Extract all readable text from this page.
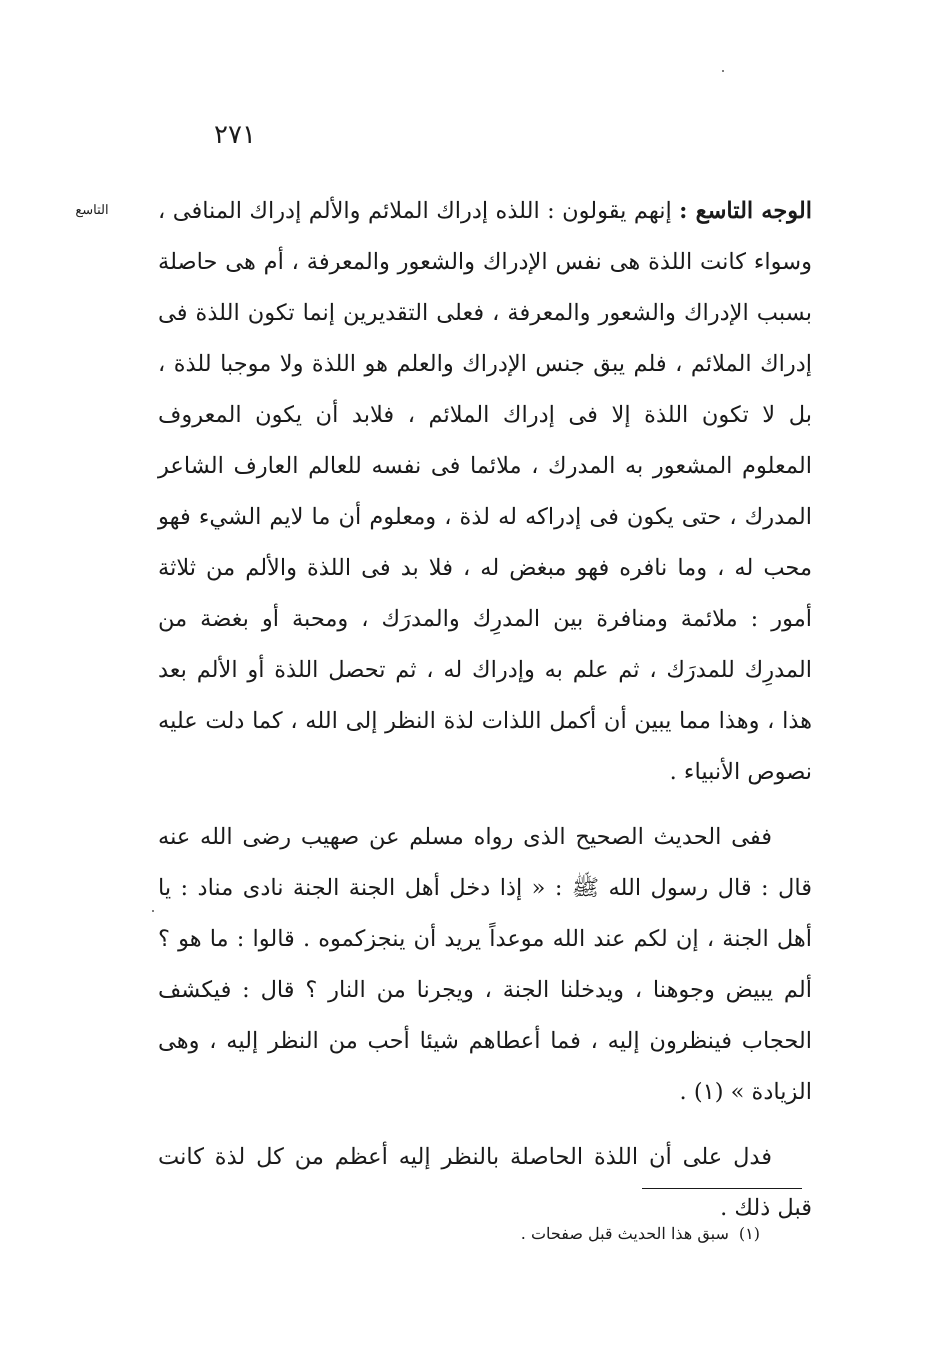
٢٧١
التاسع	الوجه التاسع : إنهم يقولون : اللذه إدراك الملائم والألم إدراك المنافى ، وسواء كانت اللذة هى نفس الإدراك والشعور والمعرفة ، أم هى حاصلة بسبب الإدراك والشعور والمعرفة ، فعلى التقديرين إنما تكون اللذة فى إدراك الملائم ، فلم يبق جنس الإدراك والعلم هو اللذة ولا موجبا للذة ، بل لا تكون اللذة إلا فى إدراك الملائم ، فلابد أن يكون المعروف المعلوم المشعور به المدرك ، ملائما فى نفسه للعالم العارف الشاعر المدرك ، حتى يكون فى إدراكه له لذة ، ومعلوم أن ما لايم الشيء فهو محب له ، وما نافره فهو مبغض له ، فلا بد فى اللذة والألم من ثلاثة أمور : ملائمة ومنافرة بين المدرِك والمدرَك ، ومحبة أو بغضة من المدرِك للمدرَك ، ثم علم به وإدراك له ، ثم تحصل اللذة أو الألم بعد هذا ، وهذا مما يبين أن أكمل اللذات لذة النظر إلى الله ، كما دلت عليه نصوص الأنبياء .

ففى الحديث الصحيح الذى رواه مسلم عن صهيب رضى الله عنه قال : قال رسول الله ﷺ : « إذا دخل أهل الجنة الجنة نادى مناد : يا أهل الجنة ، إن لكم عند الله موعداً يريد أن ينجزكموه . قالوا : ما هو ؟ ألم يبيض وجوهنا ، ويدخلنا الجنة ، ويجرنا من النار ؟ قال : فيكشف الحجاب فينظرون إليه ، فما أعطاهم شيئا أحب من النظر إليه ، وهى الزيادة » (١) .

فدل على أن اللذة الحاصلة بالنظر إليه أعظم من كل لذة كانت قبل ذلك .

(١)سبق هذا الحديث قبل صفحات .
